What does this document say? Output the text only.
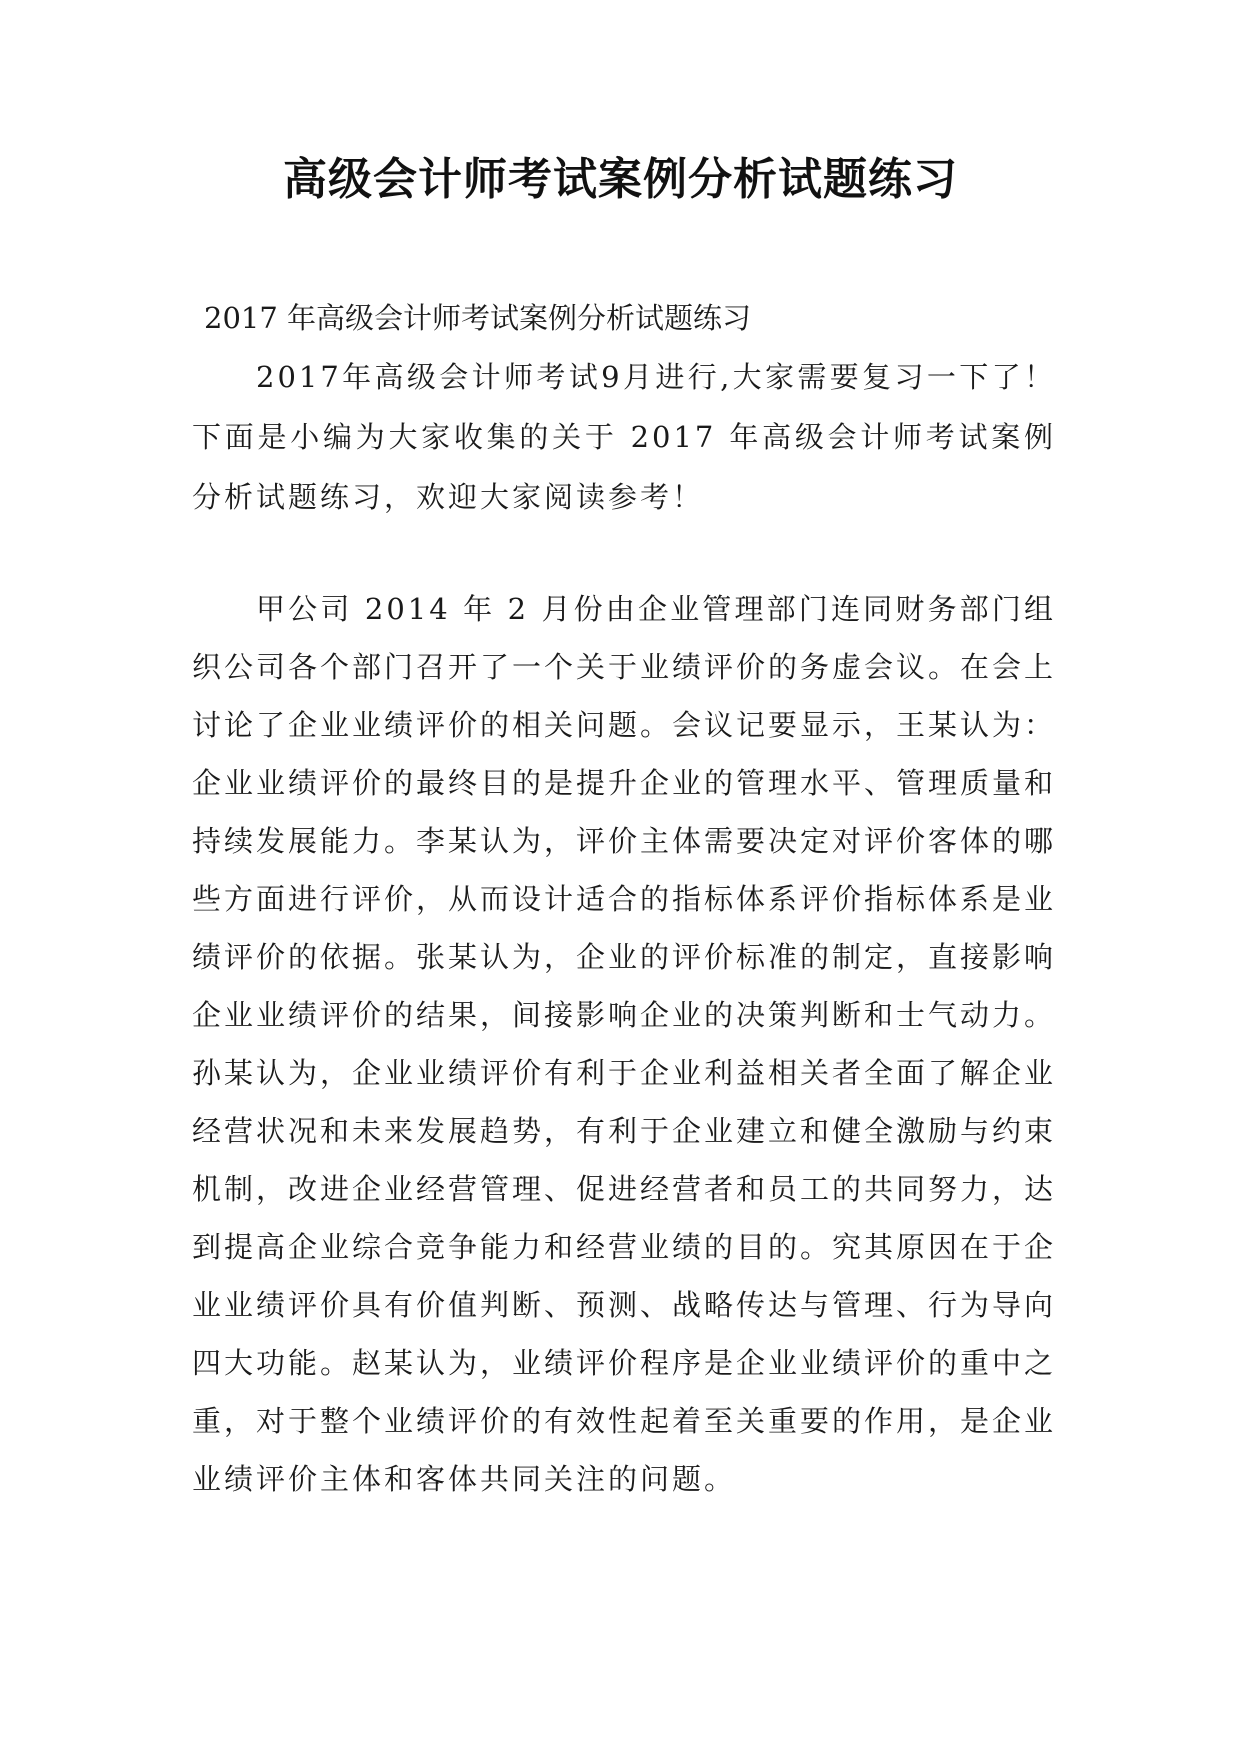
高级会计师考试案例分析试题练习
2017 年高级会计师考试案例分析试题练习

2017年高级会计师考试9月进行,大家需要复习一下了！下面是小编为大家收集的关于 2017 年高级会计师考试案例分析试题练习，欢迎大家阅读参考！

甲公司 2014 年 2 月份由企业管理部门连同财务部门组织公司各个部门召开了一个关于业绩评价的务虚会议。在会上讨论了企业业绩评价的相关问题。会议记要显示，王某认为：企业业绩评价的最终目的是提升企业的管理水平、管理质量和持续发展能力。李某认为，评价主体需要决定对评价客体的哪些方面进行评价，从而设计适合的指标体系评价指标体系是业绩评价的依据。张某认为，企业的评价标准的制定，直接影响企业业绩评价的结果，间接影响企业的决策判断和士气动力。孙某认为，企业业绩评价有利于企业利益相关者全面了解企业经营状况和未来发展趋势，有利于企业建立和健全激励与约束机制，改进企业经营管理、促进经营者和员工的共同努力，达到提高企业综合竞争能力和经营业绩的目的。究其原因在于企业业绩评价具有价值判断、预测、战略传达与管理、行为导向四大功能。赵某认为，业绩评价程序是企业业绩评价的重中之重，对于整个业绩评价的有效性起着至关重要的作用，是企业业绩评价主体和客体共同关注的问题。
